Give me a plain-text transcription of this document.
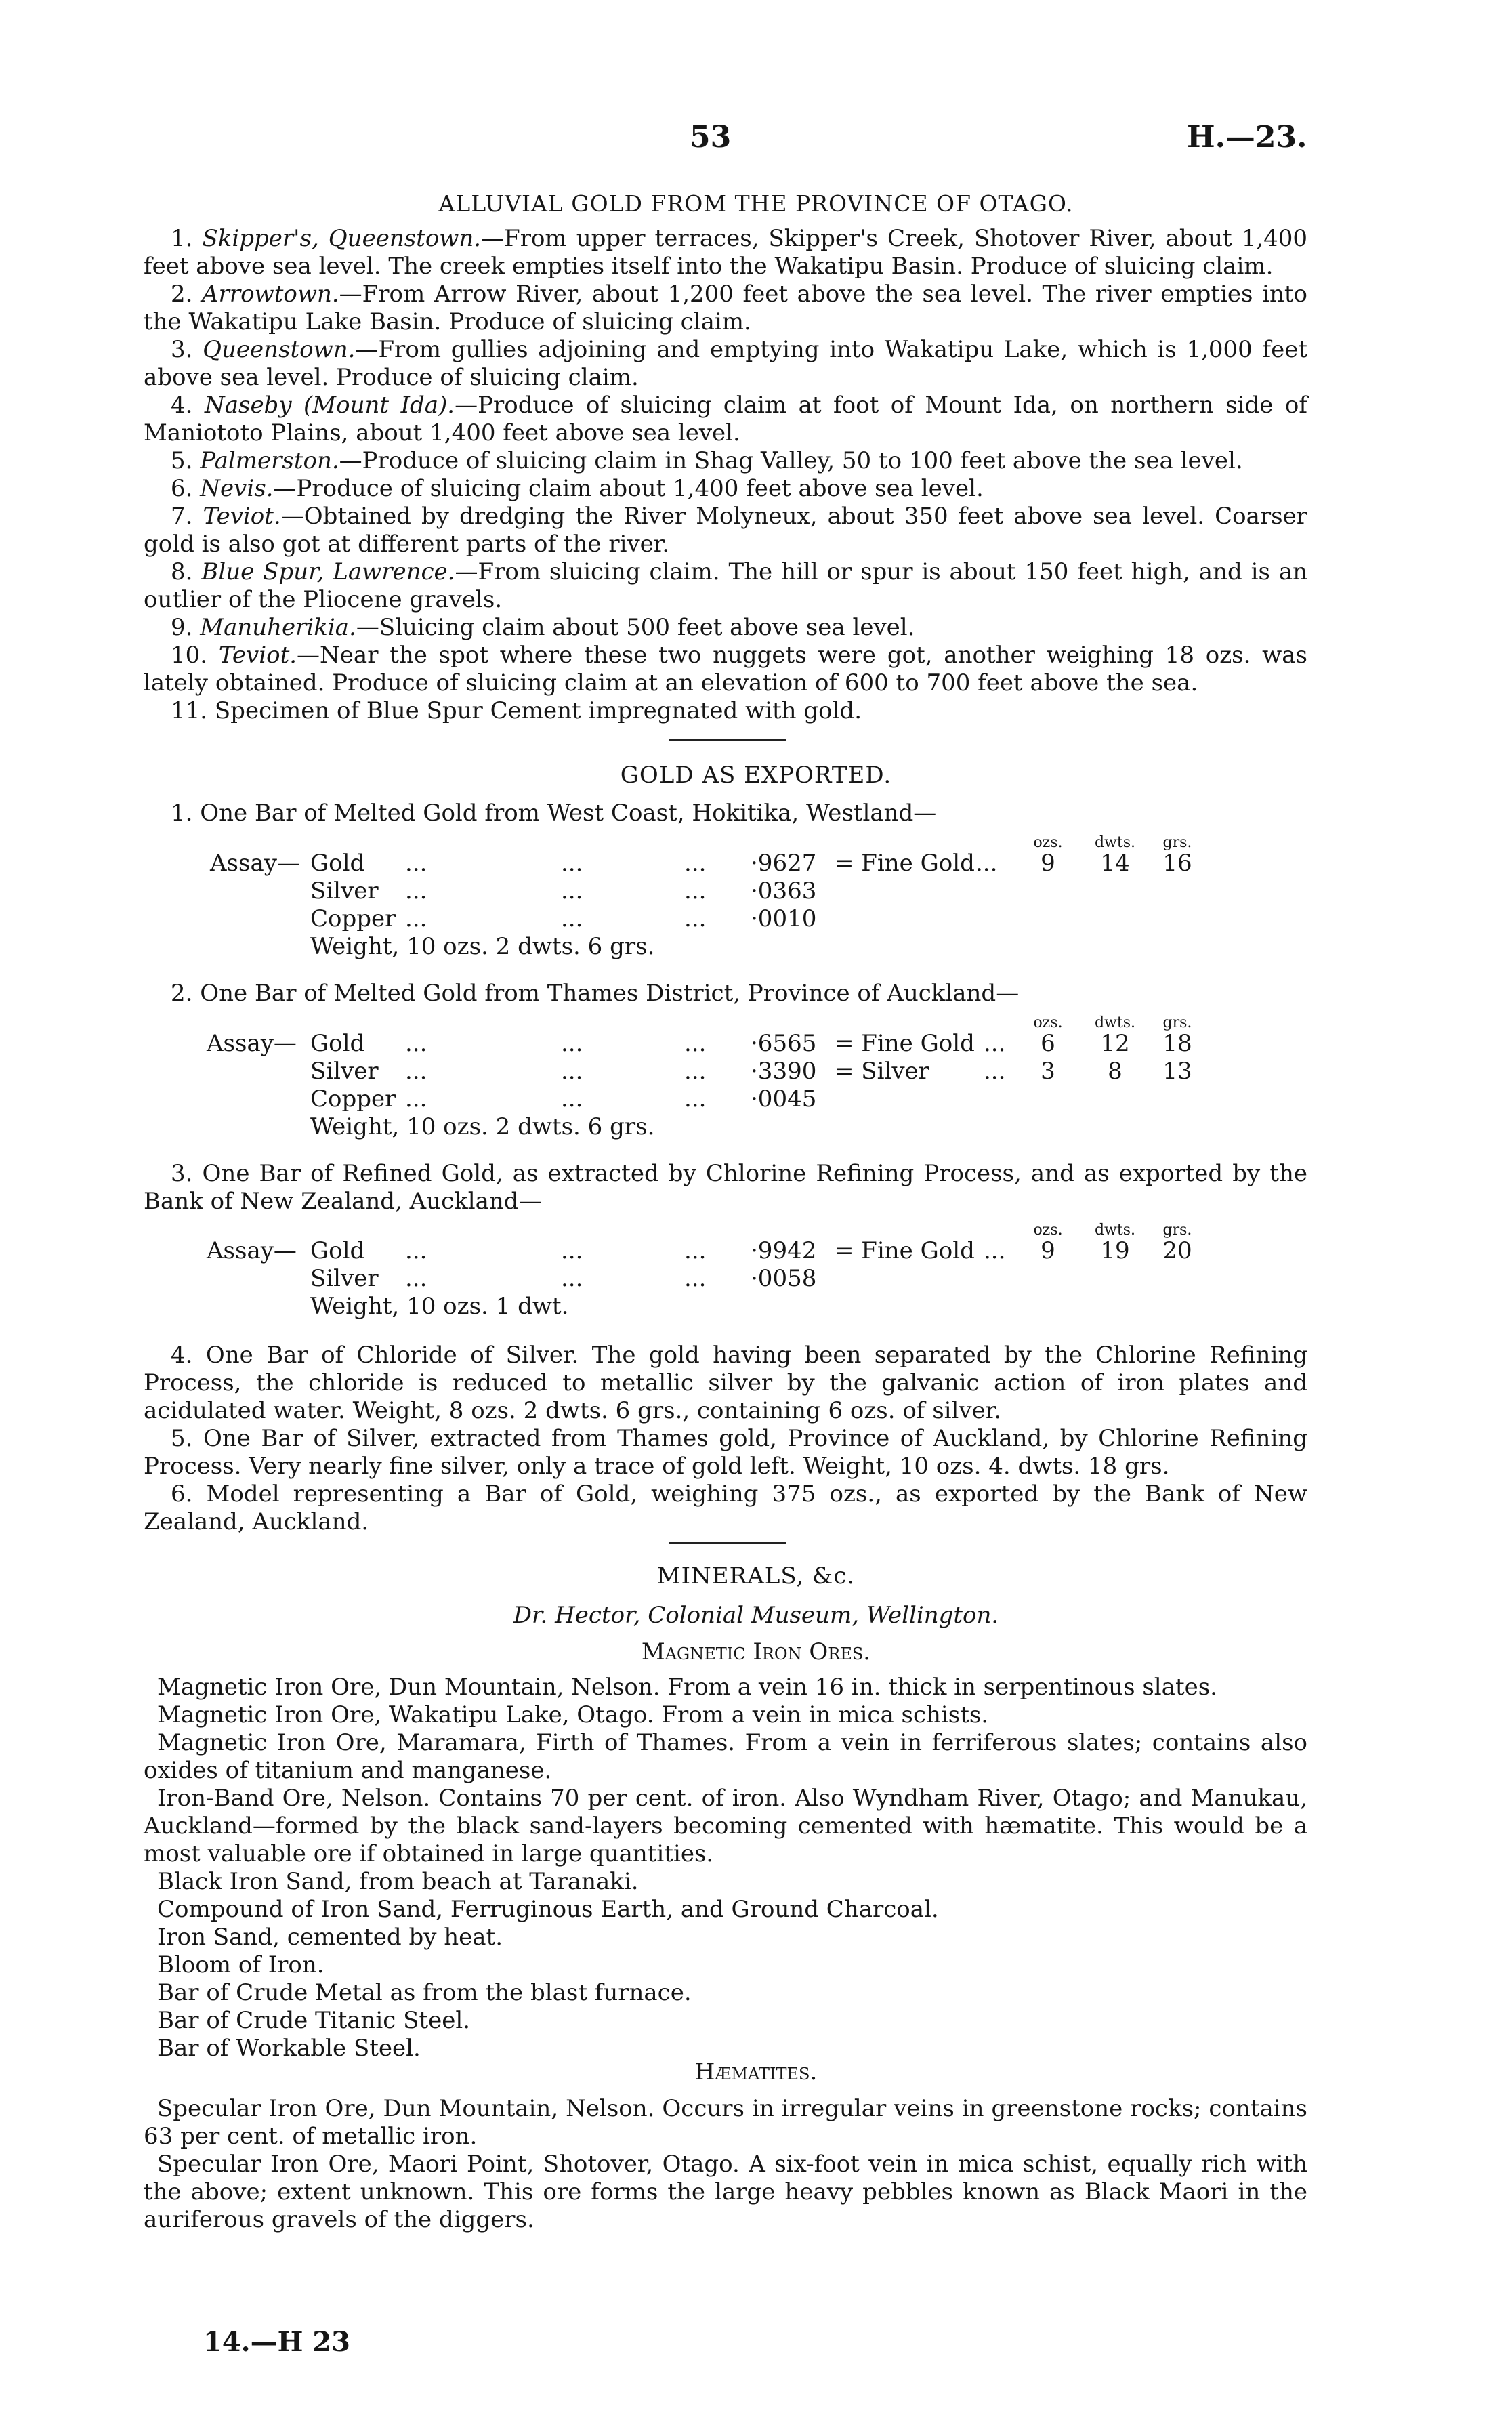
53	H.—23.
ALLUVIAL GOLD FROM THE PROVINCE OF OTAGO.

1. Skipper's, Queenstown.—From upper terraces, Skipper's Creek, Shotover River, about 1,400 feet above sea level. The creek empties itself into the Wakatipu Basin. Produce of sluicing claim.

2. Arrowtown.—From Arrow River, about 1,200 feet above the sea level. The river empties into the Wakatipu Lake Basin. Produce of sluicing claim.

3. Queenstown.—From gullies adjoining and emptying into Wakatipu Lake, which is 1,000 feet above sea level. Produce of sluicing claim.

4. Naseby (Mount Ida).—Produce of sluicing claim at foot of Mount Ida, on northern side of Maniototo Plains, about 1,400 feet above sea level.

5. Palmerston.—Produce of sluicing claim in Shag Valley, 50 to 100 feet above the sea level.

6. Nevis.—Produce of sluicing claim about 1,400 feet above sea level.

7. Teviot.—Obtained by dredging the River Molyneux, about 350 feet above sea level. Coarser gold is also got at different parts of the river.

8. Blue Spur, Lawrence.—From sluicing claim. The hill or spur is about 150 feet high, and is an outlier of the Pliocene gravels.

9. Manuherikia.—Sluicing claim about 500 feet above sea level.

10. Teviot.—Near the spot where these two nuggets were got, another weighing 18 ozs. was lately obtained. Produce of sluicing claim at an elevation of 600 to 700 feet above the sea.

11. Specimen of Blue Spur Cement impregnated with gold.

GOLD AS EXPORTED.
1. One Bar of Melted Gold from West Coast, Hokitika, Westland—
ozs.	dwts.	grs.
Assay— Gold ...	...	... ·9627 = Fine Gold ...	9	14	16
Silver ...	...	... ·0363
Copper ...	...	... ·0010
Weight, 10 ozs. 2 dwts. 6 grs.
2. One Bar of Melted Gold from Thames District, Province of Auckland—
ozs.	dwts.	grs.
Assay— Gold ...	...	... ·6565 = Fine Gold ...	6	12	18
Silver ...	...	... ·3390 = Silver ...	3	8	13
Copper ...	...	... ·0045
Weight, 10 ozs. 2 dwts. 6 grs.

3. One Bar of Refined Gold, as extracted by Chlorine Refining Process, and as exported by the Bank of New Zealand, Auckland—

ozs.	dwts.	grs.
Assay— Gold ...	...	... ·9942 = Fine Gold ...	9	19	20
Silver ...	...	... ·0058
Weight, 10 ozs. 1 dwt.

4. One Bar of Chloride of Silver. The gold having been separated by the Chlorine Refining Process, the chloride is reduced to metallic silver by the galvanic action of iron plates and acidulated water. Weight, 8 ozs. 2 dwts. 6 grs., containing 6 ozs. of silver.

5. One Bar of Silver, extracted from Thames gold, Province of Auckland, by Chlorine Refining Process. Very nearly fine silver, only a trace of gold left. Weight, 10 ozs. 4. dwts. 18 grs.

6. Model representing a Bar of Gold, weighing 375 ozs., as exported by the Bank of New Zealand, Auckland.

MINERALS, &c.
Dr. Hector, Colonial Museum, Wellington.
Magnetic Iron Ores.

Magnetic Iron Ore, Dun Mountain, Nelson. From a vein 16 in. thick in serpentinous slates.

Magnetic Iron Ore, Wakatipu Lake, Otago. From a vein in mica schists.

Magnetic Iron Ore, Maramara, Firth of Thames. From a vein in ferriferous slates; contains also oxides of titanium and manganese.

Iron-Band Ore, Nelson. Contains 70 per cent. of iron. Also Wyndham River, Otago; and Manukau, Auckland—formed by the black sand-layers becoming cemented with hæmatite. This would be a most valuable ore if obtained in large quantities.

Black Iron Sand, from beach at Taranaki.

Compound of Iron Sand, Ferruginous Earth, and Ground Charcoal.

Iron Sand, cemented by heat.

Bloom of Iron.

Bar of Crude Metal as from the blast furnace.

Bar of Crude Titanic Steel.

Bar of Workable Steel.

Hæmatites.

Specular Iron Ore, Dun Mountain, Nelson. Occurs in irregular veins in greenstone rocks; contains 63 per cent. of metallic iron.

Specular Iron Ore, Maori Point, Shotover, Otago. A six-foot vein in mica schist, equally rich with the above; extent unknown. This ore forms the large heavy pebbles known as Black Maori in the auriferous gravels of the diggers.

14.—H 23
